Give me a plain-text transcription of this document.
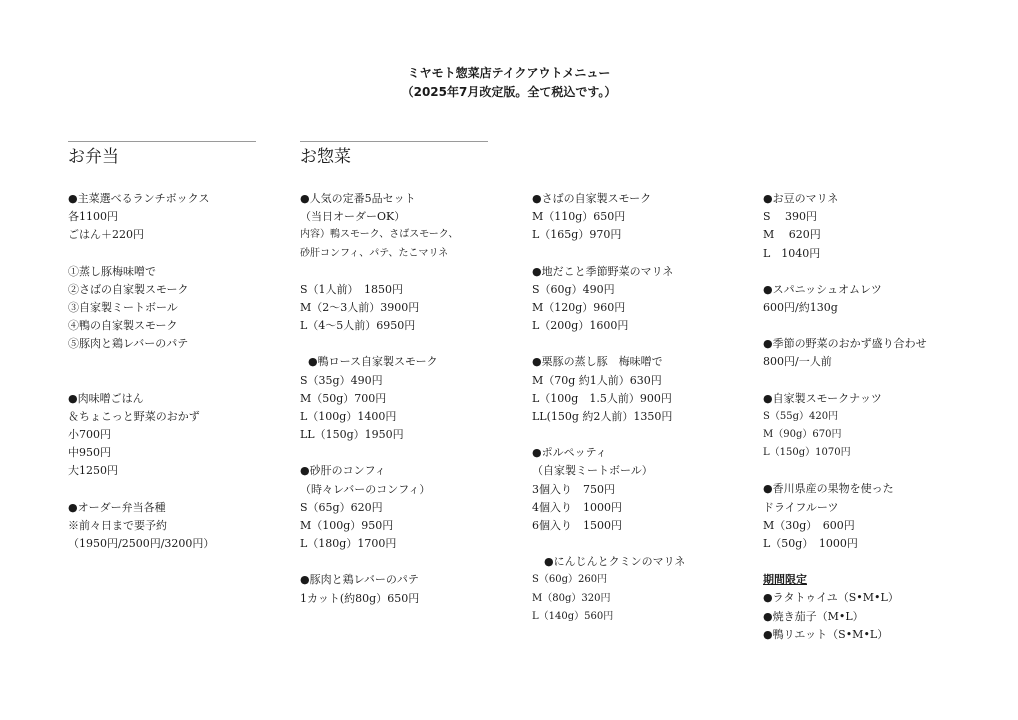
ミヤモト惣菜店テイクアウトメニュー
（2025年7月改定版。全て税込です。）
お弁当	お惣菜
●主菜選べるランチボックス
各1100円
ごはん＋220円
①蒸し豚梅味噌で
②さばの自家製スモーク
③自家製ミートボール
④鴨の自家製スモーク
⑤豚肉と鶏レバーのパテ
●肉味噌ごはん
＆ちょこっと野菜のおかず
小700円
中950円
大1250円
●オーダー弁当各種
※前々日まで要予約
（1950円/2500円/3200円）
●人気の定番5品セット
（当日オーダーOK）
内容）鴨スモーク、さばスモーク、
砂肝コンフィ、パテ、たこマリネ
S（1人前）　1850円
M（2〜3人前）3900円
L（4〜5人前）6950円
●鴨ロース自家製スモーク
S（35g）490円
M（50g）700円
L（100g）1400円
LL（150g）1950円
●砂肝のコンフィ
（時々レバーのコンフィ）
S（65g）620円
M（100g）950円
L（180g）1700円
●豚肉と鶏レバーのパテ
1カット(約80g）650円
●さばの自家製スモーク
M（110g）650円
L（165g）970円
●地だこと季節野菜のマリネ
S（60g）490円
M（120g）960円
L（200g）1600円
●栗豚の蒸し豚　梅味噌で
M（70g 約1人前）630円
L（100g　1.5人前）900円
LL(150g 約2人前）1350円
●ポルペッティ
（自家製ミートボール）
3個入り　750円
4個入り　1000円
6個入り　1500円
●にんじんとクミンのマリネ
S（60g）260円
M（80g）320円
L（140g）560円
●お豆のマリネ
S　 390円
M　 620円
L　1040円
●スパニッシュオムレツ
600円/約130g
●季節の野菜のおかず盛り合わせ
800円/一人前
●自家製スモークナッツ
S（55g）420円
M（90g）670円
L（150g）1070円
●香川県産の果物を使った
ドライフルーツ
M（30g）　600円
L（50g）　1000円
期間限定
●ラタトゥイユ（S•M•L）
●焼き茄子（M•L）
●鴨リエット（S•M•L）
